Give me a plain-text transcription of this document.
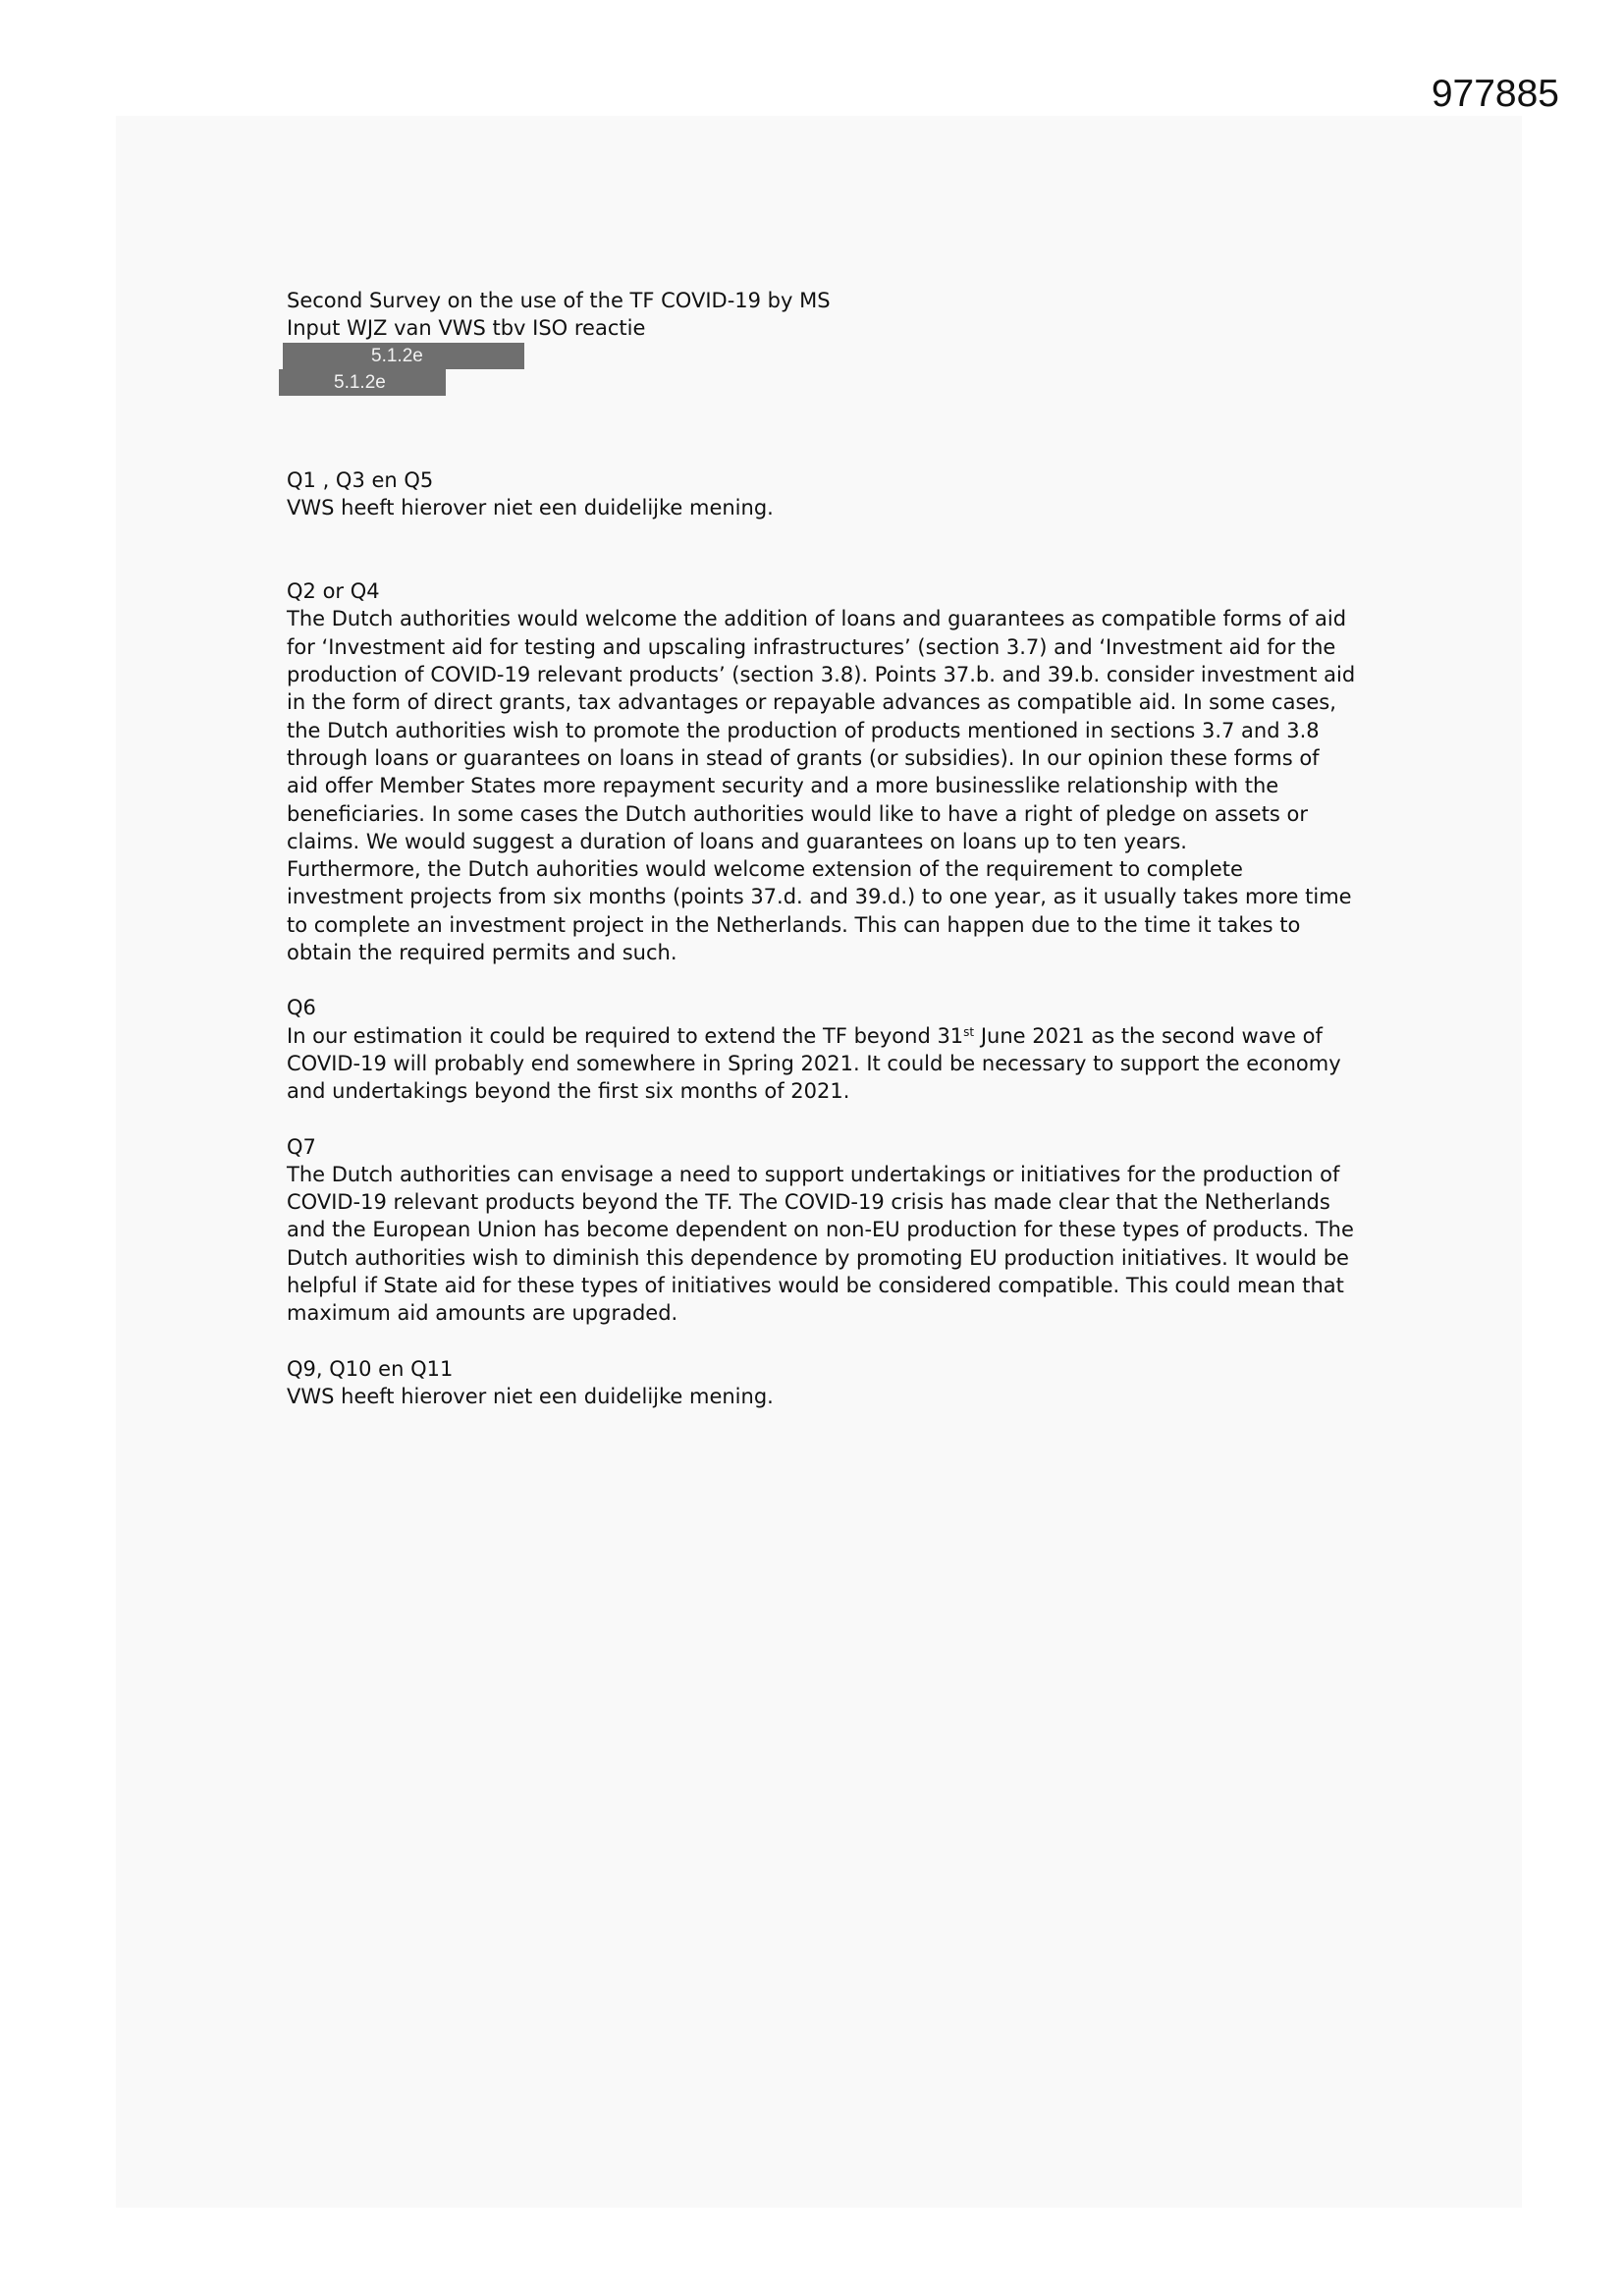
977885

Second Survey on the use of the TF COVID-19 by MS

Input WJZ van VWS tbv ISO reactie

5.1.2e
5.1.2e
Q1 , Q3 en Q5

VWS heeft hierover niet een duidelijke mening.

Q2 or Q4

The Dutch authorities would welcome the addition of loans and guarantees as compatible forms of aid for ‘Investment aid for testing and upscaling infrastructures’ (section 3.7) and ‘Investment aid for the production of COVID-19 relevant products’ (section 3.8). Points 37.b. and 39.b. consider investment aid in the form of direct grants, tax advantages or repayable advances as compatible aid. In some cases, the Dutch authorities wish to promote the production of products mentioned in sections 3.7 and 3.8 through loans or guarantees on loans in stead of grants (or subsidies). In our opinion these forms of aid offer Member States more repayment security and a more businesslike relationship with the beneficiaries. In some cases the Dutch authorities would like to have a right of pledge on assets or claims. We would suggest a duration of loans and guarantees on loans up to ten years.

Furthermore, the Dutch auhorities would welcome extension of the requirement to complete investment projects from six months (points 37.d. and 39.d.) to one year, as it usually takes more time to complete an investment project in the Netherlands. This can happen due to the time it takes to obtain the required permits and such.

Q6

In our estimation it could be required to extend the TF beyond 31st June 2021 as the second wave of COVID-19 will probably end somewhere in Spring 2021. It could be necessary to support the economy and undertakings beyond the first six months of 2021.

Q7

The Dutch authorities can envisage a need to support undertakings or initiatives for the production of COVID-19 relevant products beyond the TF. The COVID-19 crisis has made clear that the Netherlands and the European Union has become dependent on non-EU production for these types of products. The Dutch authorities wish to diminish this dependence by promoting EU production initiatives. It would be helpful if State aid for these types of initiatives would be considered compatible. This could mean that maximum aid amounts are upgraded.

Q9, Q10 en Q11

VWS heeft hierover niet een duidelijke mening.
